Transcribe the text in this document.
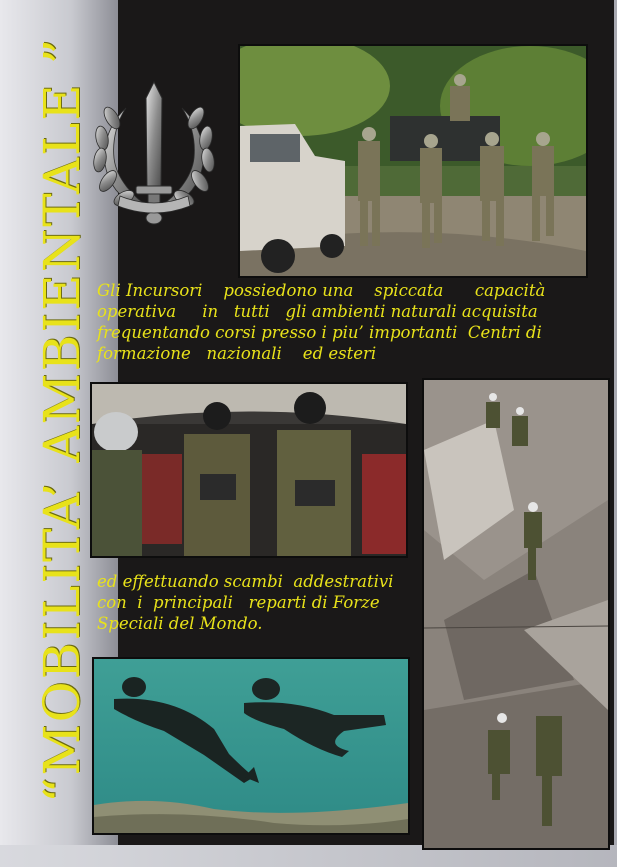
“MOBILITA’ AMBIENTALE ” Gli Incursori    possiedono una    spiccata      capacità
operativa     in   tutti   gli ambienti naturali acquisita
frequentando corsi presso i piu’ importanti  Centri di
formazione   nazionali    ed esteri
ed effettuando scambi  addestrativi
con  i  principali   reparti di Forze
Speciali del Mondo.
